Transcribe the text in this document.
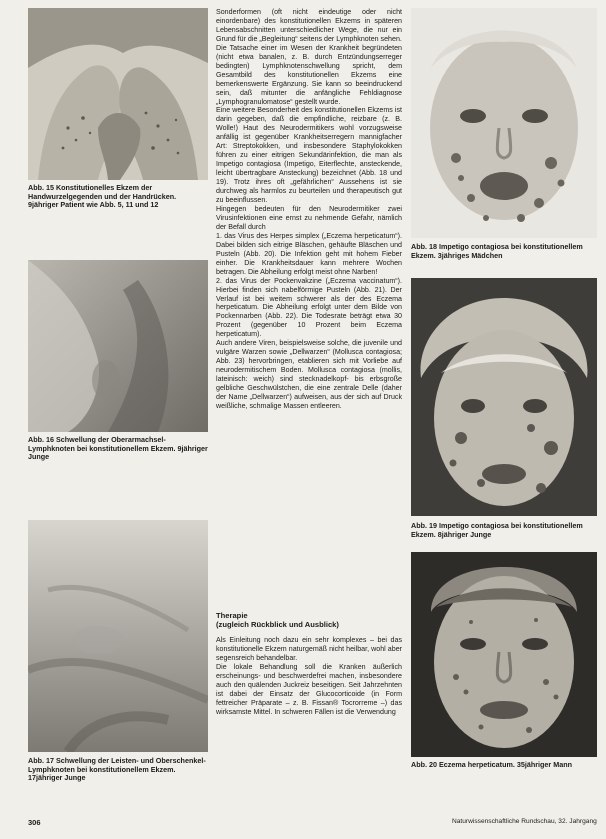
Abb. 15 Konstitutionelles Ekzem der Handwurzelgegenden und der Handrücken. 9jähriger Patient wie Abb. 5, 11 und 12

Abb. 16 Schwellung der Oberarmachsel-Lymphknoten bei konstitutionellem Ekzem. 9jähriger Junge

Abb. 17 Schwellung der Leisten- und Oberschenkel-Lymphknoten bei konstitutionellem Ekzem. 17jähriger Junge

Sonderformen (oft nicht eindeutige oder nicht einordenbare) des konstitutionellen Ekzems in späteren Lebensabschnitten unterschiedlicher Wege, die nur ein Grund für die „Begleitung“ seitens der Lymphknoten sehen.

Die Tatsache einer im Wesen der Krankheit begründeten (nicht etwa banalen, z. B. durch Entzündungserreger bedingten) Lymphknotenschwellung spricht, dem Gesamtbild des konstitutionellen Ekzems eine bemerkenswerte Ergänzung. Sie kann so beeindruckend sein, daß mitunter die anfängliche Fehldiagnose „Lymphogranulomatose“ gestellt wurde.

Eine weitere Besonderheit des konstitutionellen Ekzems ist darin gegeben, daß die empfindliche, reizbare (z. B. Wolle!) Haut des Neurodermitikers wohl vorzugsweise anfällig ist gegenüber Krankheitserregern mannigfacher Art: Streptokokken, und insbesondere Staphylokokken führen zu einer eitrigen Sekundärinfektion, die man als Impetigo contagiosa (Impetigo, Eiterflechte, ansteckende, leicht übertragbare Ansteckung) bezeichnet (Abb. 18 und 19). Trotz ihres oft „gefährlichen“ Aussehens ist sie durchweg als harmlos zu beurteilen und therapeutisch gut zu beeinflussen.

Hingegen bedeuten für den Neurodermitiker zwei Virusinfektionen eine ernst zu nehmende Gefahr, nämlich der Befall durch

1. das Virus des Herpes simplex („Eczema herpeticatum“). Dabei bilden sich eitrige Bläschen, gehäufte Bläschen und Pusteln (Abb. 20). Die Infektion geht mit hohem Fieber einher. Die Krankheitsdauer kann mehrere Wochen betragen. Die Abheilung erfolgt meist ohne Narben!

2. das Virus der Pockenvakzine („Eczema vaccinatum“). Hierbei finden sich nabelförmige Pusteln (Abb. 21). Der Verlauf ist bei weitem schwerer als der des Eczema herpeticatum. Die Abheilung erfolgt unter dem Bilde von Pockennarben (Abb. 22). Die Todesrate beträgt etwa 30 Prozent (gegenüber 10 Prozent beim Eczema herpeticatum).

Auch andere Viren, beispielsweise solche, die juvenile und vulgäre Warzen sowie „Dellwarzen“ (Mollusca contagiosa; Abb. 23) hervorbringen, etablieren sich mit Vorliebe auf neurodermitischem Boden. Mollusca contagiosa (mollis, lateinisch: weich) sind stecknadelkopf- bis erbsgroße gelbliche Geschwülstchen, die eine zentrale Delle (daher der Name „Dellwarzen“) aufweisen, aus der sich auf Druck weißliche, schmalige Massen entleeren.

Therapie
(zugleich Rückblick und Ausblick)

Als Einleitung noch dazu ein sehr komplexes – bei das konstitutionelle Ekzem naturgemäß nicht heilbar, wohl aber segensreich behandelbar.

Die lokale Behandlung soll die Kranken äußerlich erscheinungs- und beschwerdefrei machen, insbesondere auch den quälenden Juckreiz beseitigen. Seit Jahrzehnten ist dabei der Einsatz der Glucocorticoide (in Form fettreicher Präparate – z. B. Fissan® Tocrorreme –) das wirksamste Mittel. In schweren Fällen ist die Verwendung

Abb. 18 Impetigo contagiosa bei konstitutionellem Ekzem. 3jähriges Mädchen

Abb. 19 Impetigo contagiosa bei konstitutionellem Ekzem. 8jähriger Junge

Abb. 20 Eczema herpeticatum. 35jähriger Mann

306	Naturwissenschaftliche Rundschau, 32. Jahrgang
